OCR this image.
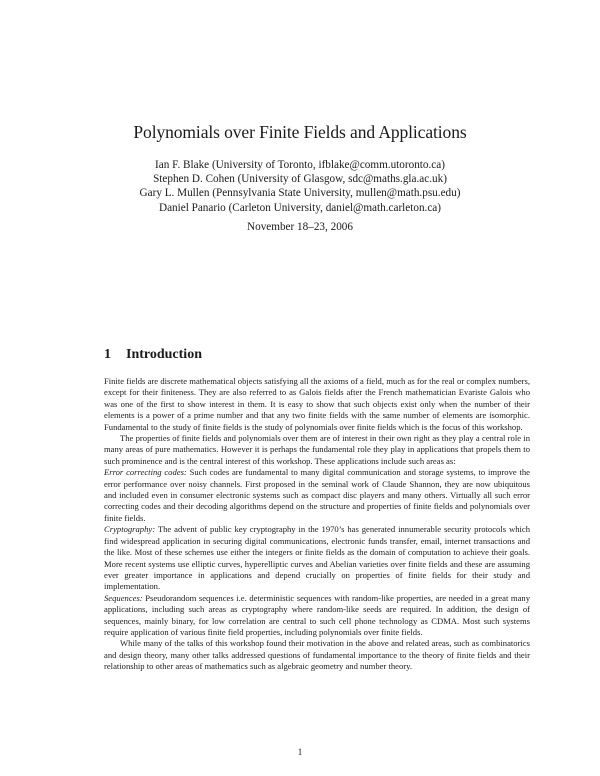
Polynomials over Finite Fields and Applications
Ian F. Blake (University of Toronto, ifblake@comm.utoronto.ca)
Stephen D. Cohen (University of Glasgow, sdc@maths.gla.ac.uk)
Gary L. Mullen (Pennsylvania State University, mullen@math.psu.edu)
Daniel Panario (Carleton University, daniel@math.carleton.ca)
November 18–23, 2006
1 Introduction

Finite fields are discrete mathematical objects satisfying all the axioms of a field, much as for the real or complex numbers, except for their finiteness. They are also referred to as Galois fields after the French mathematician Evariste Galois who was one of the first to show interest in them. It is easy to show that such objects exist only when the number of their elements is a power of a prime number and that any two finite fields with the same number of elements are isomorphic. Fundamental to the study of finite fields is the study of polynomials over finite fields which is the focus of this workshop.

The properties of finite fields and polynomials over them are of interest in their own right as they play a central role in many areas of pure mathematics. However it is perhaps the fundamental role they play in applications that propels them to such prominence and is the central interest of this workshop. These applications include such areas as:

Error correcting codes: Such codes are fundamental to many digital communication and storage systems, to improve the error performance over noisy channels. First proposed in the seminal work of Claude Shannon, they are now ubiquitous and included even in consumer electronic systems such as compact disc players and many others. Virtually all such error correcting codes and their decoding algorithms depend on the structure and properties of finite fields and polynomials over finite fields.

Cryptography: The advent of public key cryptography in the 1970’s has generated innumerable security protocols which find widespread application in securing digital communications, electronic funds transfer, email, internet transactions and the like. Most of these schemes use either the integers or finite fields as the domain of computation to achieve their goals. More recent systems use elliptic curves, hyperelliptic curves and Abelian varieties over finite fields and these are assuming ever greater importance in applications and depend crucially on properties of finite fields for their study and implementation.

Sequences: Pseudorandom sequences i.e. deterministic sequences with random-like properties, are needed in a great many applications, including such areas as cryptography where random-like seeds are required. In addition, the design of sequences, mainly binary, for low correlation are central to such cell phone technology as CDMA. Most such systems require application of various finite field properties, including polynomials over finite fields.

While many of the talks of this workshop found their motivation in the above and related areas, such as combinatorics and design theory, many other talks addressed questions of fundamental importance to the theory of finite fields and their relationship to other areas of mathematics such as algebraic geometry and number theory.

1
